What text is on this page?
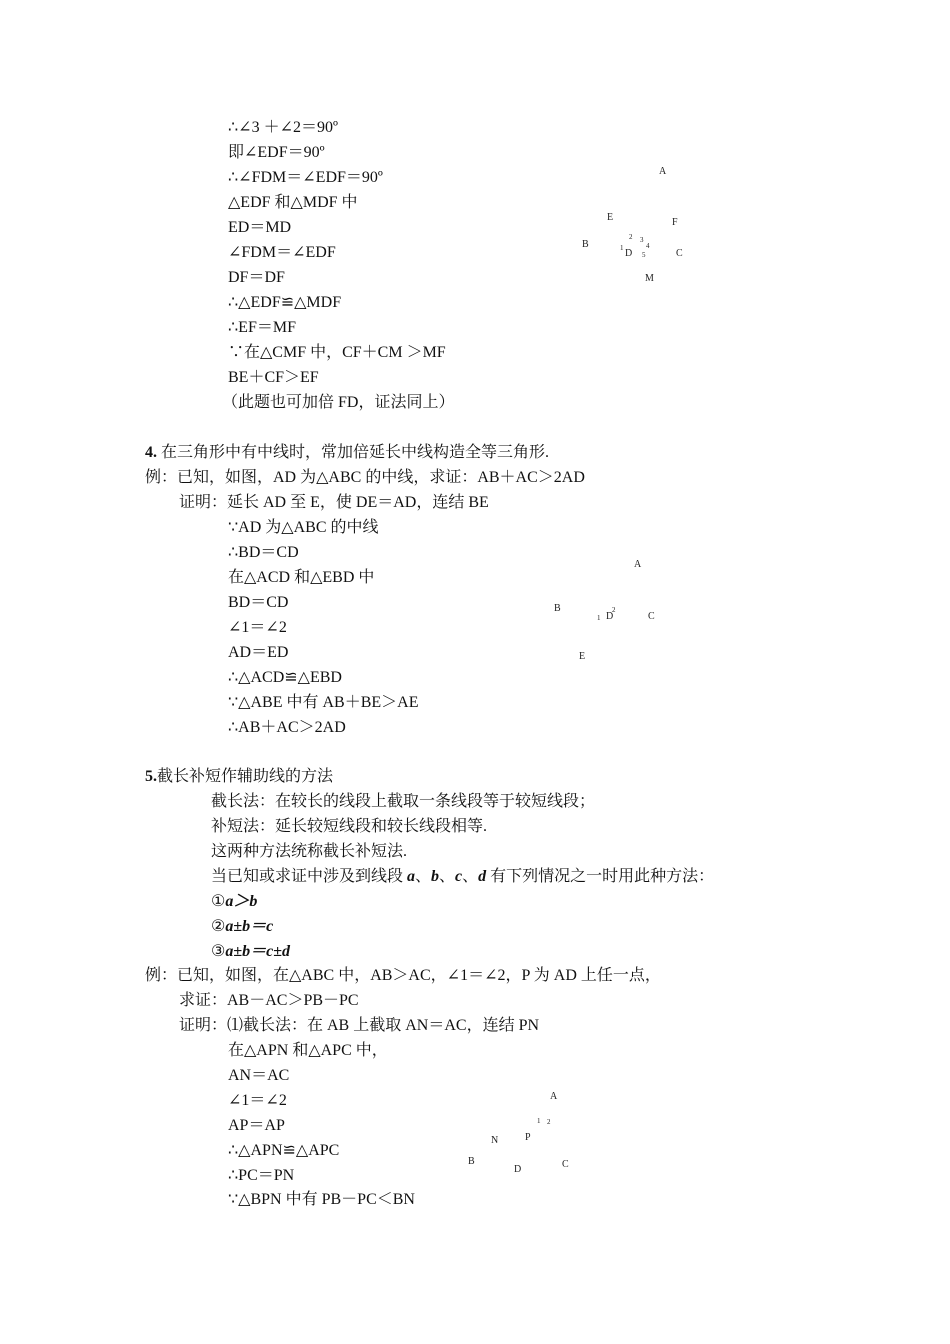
∴∠3 ＋∠2＝90º
即∠EDF＝90º
∴∠FDM＝∠EDF＝90º
△EDF 和△MDF 中
ED＝MD
∠FDM＝∠EDF
DF＝DF
∴△EDF≌△MDF
∴EF＝MF
∵在△CMF 中，CF＋CM ＞MF
BE＋CF＞EF
（此题也可加倍 FD，证法同上）
A
E	F
B
2 3
4
1 D 5	C
M
4. 在三角形中有中线时，常加倍延长中线构造全等三角形.
例：已知，如图，AD 为△ABC 的中线，求证：AB＋AC＞2AD
证明：延长 AD 至 E，使 DE＝AD，连结 BE
∵AD 为△ABC 的中线
∴BD＝CD
在△ACD 和△EBD 中
BD＝CD
∠1＝∠2
AD＝ED
∴△ACD≌△EBD
∵△ABE 中有 AB＋BE＞AE
∴AB＋AC＞2AD
A
B	2
1 D	C
E
5.截长补短作辅助线的方法
截长法：在较长的线段上截取一条线段等于较短线段；
补短法：延长较短线段和较长线段相等.
这两种方法统称截长补短法.
当已知或求证中涉及到线段 a、b、c、d 有下列情况之一时用此种方法：
①a＞b
②a±b＝c
③a±b＝c±d
例：已知，如图，在△ABC 中，AB＞AC，∠1＝∠2，P 为 AD 上任一点，
求证：AB－AC＞PB－PC
证明：⑴截长法：在 AB 上截取 AN＝AC，连结 PN
在△APN 和△APC 中，
AN＝AC
∠1＝∠2
AP＝AP
∴△APN≌△APC
∴PC＝PN
∵△BPN 中有 PB－PC＜BN
A
1 2
P
N
B	C
D
